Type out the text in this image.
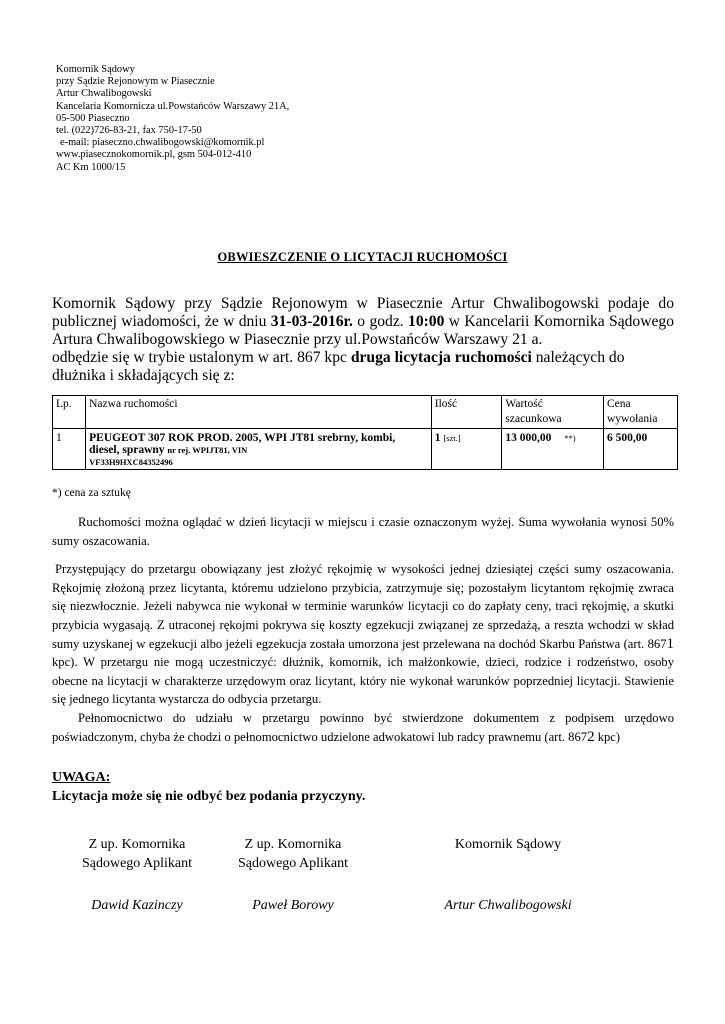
Komornik Sądowy
przy Sądzie Rejonowym w Piasecznie
Artur Chwalibogowski
Kancelaria Komornicza ul.Powstańców Warszawy 21A,
05-500 Piaseczno
tel. (022)726-83-21, fax 750-17-50
e-mail: piaseczno.chwalibogowski@komornik.pl
www.piasecznokomornik.pl, gsm 504-012-410
AC Km 1000/15
OBWIESZCZENIE O LICYTACJI RUCHOMOŚCI
Komornik Sądowy przy Sądzie Rejonowym w Piasecznie Artur Chwalibogowski podaje do publicznej wiadomości, że w dniu 31-03-2016r. o godz. 10:00 w Kancelarii Komornika Sądowego Artura Chwalibogowskiego w Piasecznie przy ul.Powstańców Warszawy 21 a.
odbędzie się w trybie ustalonym w art. 867 kpc druga licytacja ruchomości należących do dłużnika i składających się z:
Lp.	Nazwa ruchomości	Ilość	Wartość szacunkowa	Cena wywołania
1	PEUGEOT 307 ROK PROD. 2005, WPI JT81 srebrny, kombi, diesel, sprawny nr rej. WPIJT81, VIN
VF33H9HXC84352496	1 [szt.]	13 000,00 **)	6 500,00
*) cena za sztukę

Ruchomości można oglądać w dzień licytacji w miejscu i czasie oznaczonym wyżej. Suma wywołania wynosi 50% sumy oszacowania.

Przystępujący do przetargu obowiązany jest złożyć rękojmię w wysokości jednej dziesiątej części sumy oszacowania. Rękojmię złożoną przez licytanta, któremu udzielono przybicia, zatrzymuje się; pozostałym licytantom rękojmię zwraca się niezwłocznie. Jeżeli nabywca nie wykonał w terminie warunków licytacji co do zapłaty ceny, traci rękojmię, a skutki przybicia wygasają. Z utraconej rękojmi pokrywa się koszty egzekucji związanej ze sprzedażą, a reszta wchodzi w skład sumy uzyskanej w egzekucji albo jeżeli egzekucja została umorzona jest przelewana na dochód Skarbu Państwa (art. 8671 kpc). W przetargu nie mogą uczestniczyć: dłużnik, komornik, ich małżonkowie, dzieci, rodzice i rodzeństwo, osoby obecne na licytacji w charakterze urzędowym oraz licytant, który nie wykonał warunków poprzedniej licytacji. Stawienie się jednego licytanta wystarcza do odbycia przetargu.

Pełnomocnictwo do udziału w przetargu powinno być stwierdzone dokumentem z podpisem urzędowo poświadczonym, chyba że chodzi o pełnomocnictwo udzielone adwokatowi lub radcy prawnemu (art. 8672 kpc)

UWAGA:
Licytacja może się nie odbyć bez podania przyczyny.
Z up. Komornika
Sądowego Aplikant
Dawid Kazinczy
Z up. Komornika
Sądowego Aplikant
Paweł Borowy
Komornik Sądowy
Artur Chwalibogowski
